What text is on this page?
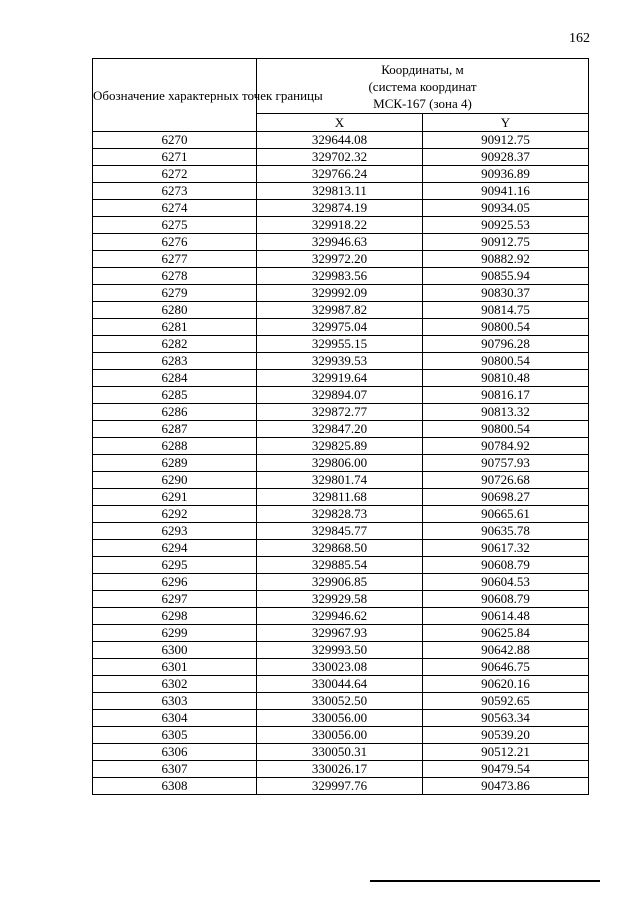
162
Обозначение характерных точек границы	Координаты, м
(система координат
МСК-167 (зона 4)	

	X	Y
6270	329644.08	90912.75
6271	329702.32	90928.37
6272	329766.24	90936.89
6273	329813.11	90941.16
6274	329874.19	90934.05
6275	329918.22	90925.53
6276	329946.63	90912.75
6277	329972.20	90882.92
6278	329983.56	90855.94
6279	329992.09	90830.37
6280	329987.82	90814.75
6281	329975.04	90800.54
6282	329955.15	90796.28
6283	329939.53	90800.54
6284	329919.64	90810.48
6285	329894.07	90816.17
6286	329872.77	90813.32
6287	329847.20	90800.54
6288	329825.89	90784.92
6289	329806.00	90757.93
6290	329801.74	90726.68
6291	329811.68	90698.27
6292	329828.73	90665.61
6293	329845.77	90635.78
6294	329868.50	90617.32
6295	329885.54	90608.79
6296	329906.85	90604.53
6297	329929.58	90608.79
6298	329946.62	90614.48
6299	329967.93	90625.84
6300	329993.50	90642.88
6301	330023.08	90646.75
6302	330044.64	90620.16
6303	330052.50	90592.65
6304	330056.00	90563.34
6305	330056.00	90539.20
6306	330050.31	90512.21
6307	330026.17	90479.54
6308	329997.76	90473.86
